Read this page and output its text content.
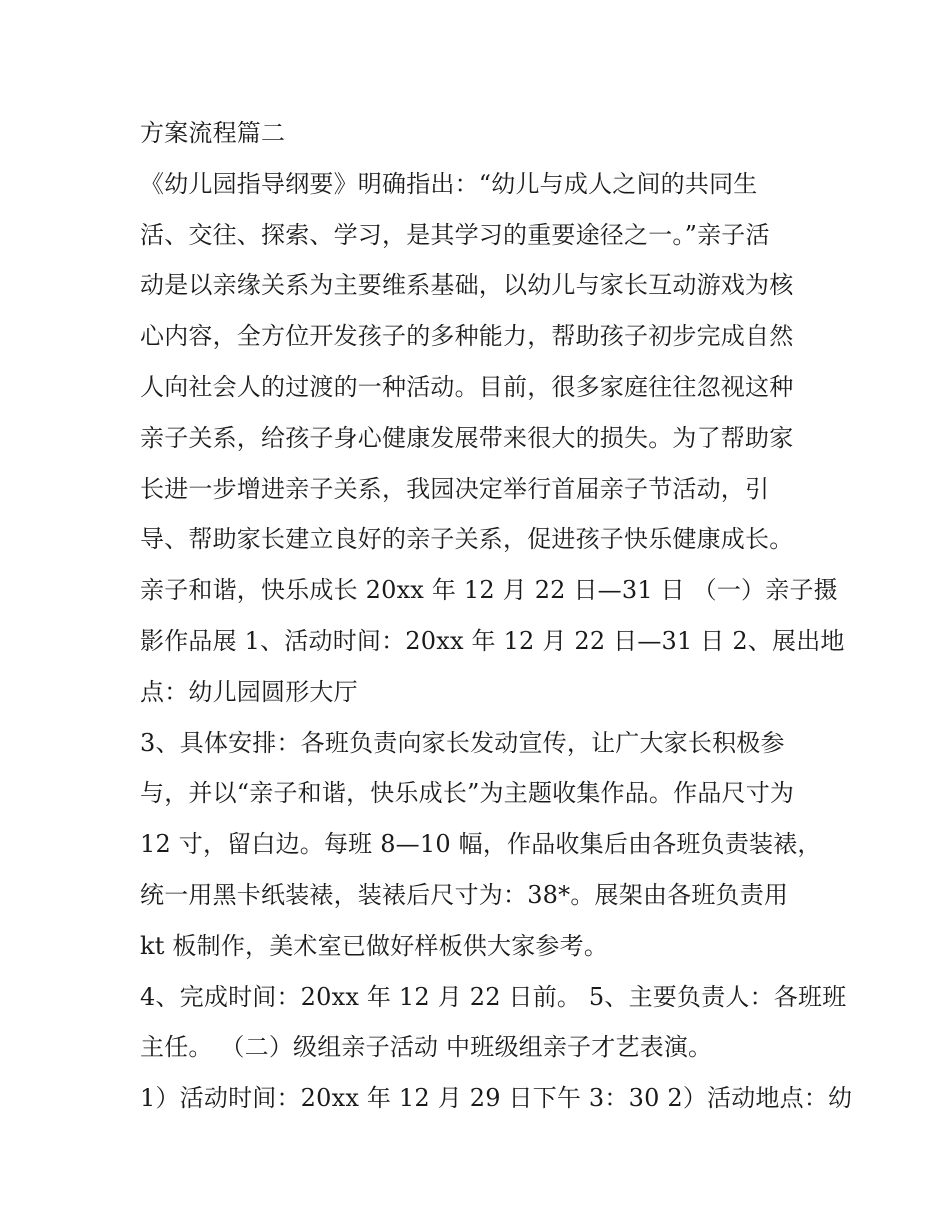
方案流程篇二
《幼儿园指导纲要》明确指出：“幼儿与成人之间的共同生
活、交往、探索、学习，是其学习的重要途径之一。”亲子活
动是以亲缘关系为主要维系基础，以幼儿与家长互动游戏为核
心内容，全方位开发孩子的多种能力，帮助孩子初步完成自然
人向社会人的过渡的一种活动。目前，很多家庭往往忽视这种
亲子关系，给孩子身心健康发展带来很大的损失。为了帮助家
长进一步增进亲子关系，我园决定举行首届亲子节活动，引
导、帮助家长建立良好的亲子关系，促进孩子快乐健康成长。
亲子和谐，快乐成长 20xx 年 12 月 22 日—31 日 （一）亲子摄
影作品展 1、活动时间：20xx 年 12 月 22 日—31 日 2、展出地
点：幼儿园圆形大厅
3、具体安排：各班负责向家长发动宣传，让广大家长积极参
与，并以“亲子和谐，快乐成长”为主题收集作品。作品尺寸为
12 寸，留白边。每班 8—10 幅，作品收集后由各班负责装裱，
统一用黑卡纸装裱，装裱后尺寸为：38*。展架由各班负责用
kt 板制作，美术室已做好样板供大家参考。
4、完成时间：20xx 年 12 月 22 日前。 5、主要负责人：各班班
主任。 （二）级组亲子活动 中班级组亲子才艺表演。
1）活动时间：20xx 年 12 月 29 日下午 3：30 2）活动地点：幼
